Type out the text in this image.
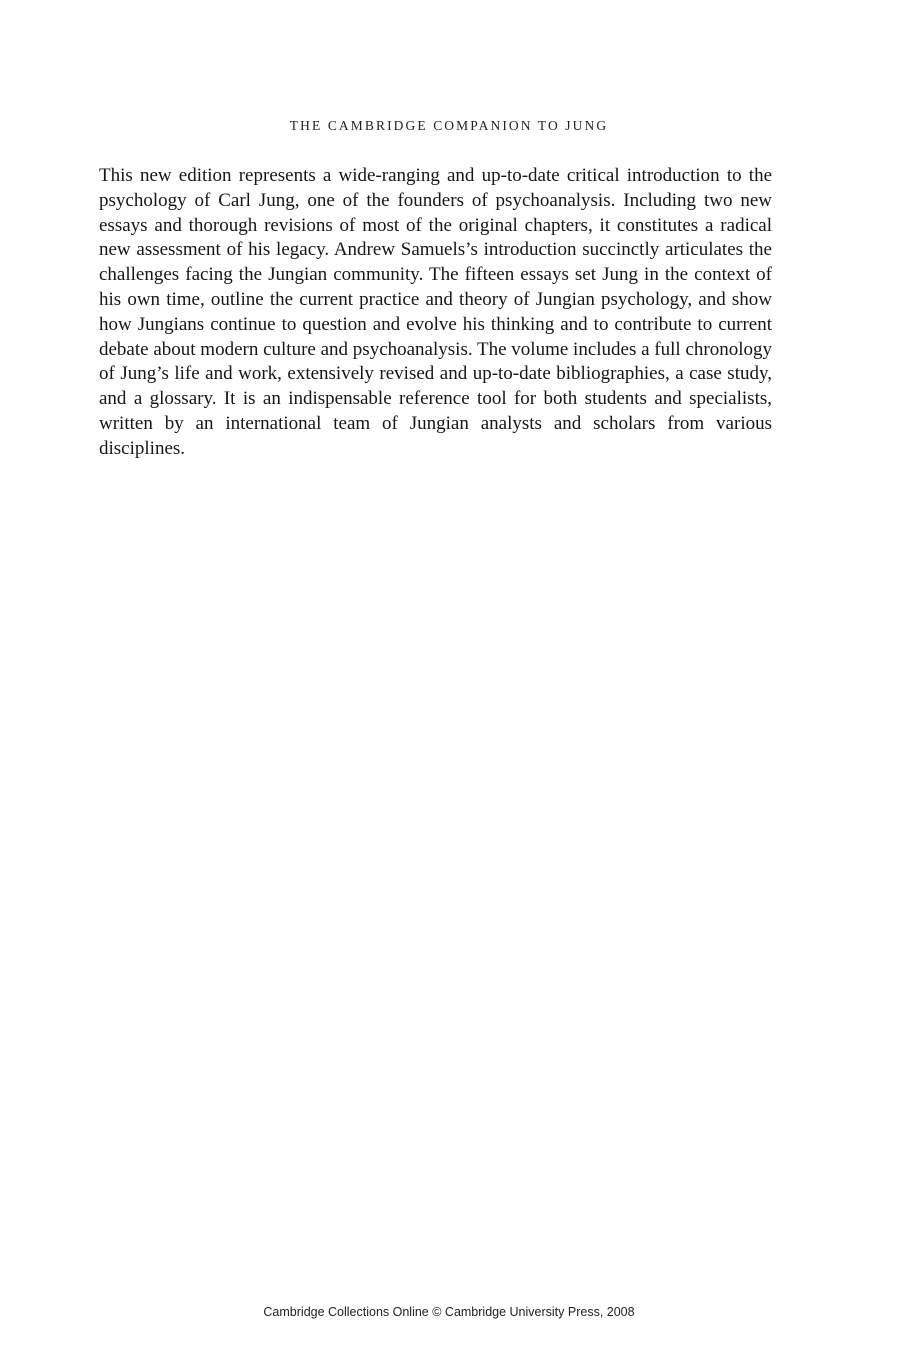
THE CAMBRIDGE COMPANION TO JUNG

This new edition represents a wide-ranging and up-to-date critical introduction to the psychology of Carl Jung, one of the founders of psychoanalysis. Including two new essays and thorough revisions of most of the original chapters, it constitutes a radical new assessment of his legacy. Andrew Samuels’s introduction succinctly articulates the challenges facing the Jungian community. The fifteen essays set Jung in the context of his own time, outline the current practice and theory of Jungian psychology, and show how Jungians continue to question and evolve his thinking and to contribute to current debate about modern culture and psychoanalysis. The volume includes a full chronology of Jung’s life and work, extensively revised and up-to-date bibliographies, a case study, and a glossary. It is an indispensable reference tool for both students and specialists, written by an international team of Jungian analysts and scholars from various disciplines.

Cambridge Collections Online © Cambridge University Press, 2008
